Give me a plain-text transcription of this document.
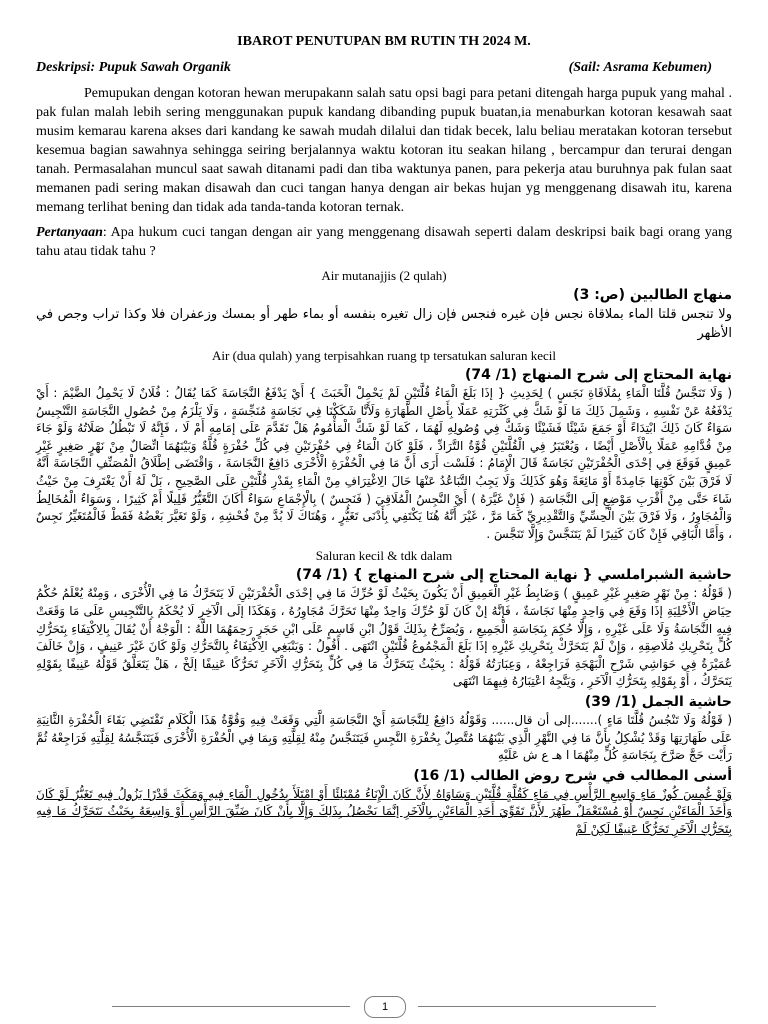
IBAROT PENUTUPAN BM RUTIN TH 2024 M.
Deskripsi: Pupuk Sawah Organik	(Sail: Asrama Kebumen)

Pemupukan dengan kotoran hewan merupakann salah satu opsi bagi para petani ditengah harga pupuk yang mahal . pak fulan malah lebih sering menggunakan pupuk kandang dibanding pupuk buatan,ia menaburkan kotoran kesawah saat musim kemarau karena akses dari kandang ke sawah mudah dilalui dan tidak becek, lalu beliau meratakan kotoran tersebut kesemua bagian sawahnya sehingga seiring berjalannya waktu kotoran itu seakan hilang , bercampur dan terurai dengan tanah. Permasalahan muncul saat sawah ditanami padi dan tiba waktunya panen, para pekerja atau buruhnya pak fulan saat memanen padi sering makan disawah dan cuci tangan hanya dengan air bekas hujan yg menggenang disawah itu, karena memang terlihat bening dan tidak ada tanda-tanda kotoran ternak.

Pertanyaan: Apa hukum cuci tangan dengan air yang menggenang disawah seperti dalam deskripsi baik bagi orang yang tahu atau tidak tahu ?

Air mutanajjis (2 qulah)
منهاج الطالبين (ص: 3)
ولا تنجس قلتا الماء بملاقاة نجس فإن غيره فنجس فإن زال تغيره بنفسه أو بماء طهر أو بمسك وزعفران فلا وكذا تراب وجص في الأظهر
Air (dua qulah) yang terpisahkan ruang tp tersatukan saluran kecil
نهاية المحتاج إلى شرح المنهاج (1/ 74)
( وَلَا تَنَجَّسُ قُلَّتَا الْمَاءِ بِمُلَاقَاةِ نَجَسٍ ) لِحَدِيثِ { إذَا بَلَغَ الْمَاءُ قُلَّتَيْنِ لَمْ يَحْمِلْ الْخَبَثَ } أَيْ يَدْفَعُ النَّجَاسَةَ كَمَا يُقَالُ : فُلَانٌ لَا يَحْمِلُ الضَّيْمَ : أَيْ يَدْفَعُهُ عَنْ نَفْسِهِ ، وَشَمِلَ ذَلِكَ مَا لَوْ شَكَّ فِي كَثْرَتِهِ عَمَلًا بِأَصْلِ الطَّهَارَةِ وَلَأَنَّا شَكَكْنَا فِي نَجَاسَةٍ مُنَجِّسَةٍ ، وَلَا يَلْزَمُ مِنْ حُصُولِ النَّجَاسَةِ التَّنْجِيسُ سَوَاءٌ كَانَ ذَلِكَ ابْتِدَاءً أَوْ جَمَعَ شَيْئًا فَشَيْئًا وَشَكَّ فِي وُصُولِهِ لَهُمَا ، كَمَا لَوْ شَكَّ الْمَأْمُومُ هَلْ تَقَدَّمَ عَلَى إمَامِهِ أَمْ لَا ، فَإِنَّهُ لَا تَبْطُلُ صَلَاتُهُ وَلَوْ جَاءَ مِنْ قُدَّامِهِ عَمَلًا بِالْأَصْلِ أَيْضًا ، وَيُعْتَبَرُ فِي الْقُلَّتَيْنِ قُوَّةُ التَّرَادِّ ، فَلَوْ كَانَ الْمَاءُ فِي حُفْرَتَيْنِ فِي كُلِّ حُفْرَةٍ قُلَّةٌ وَبَيْنَهُمَا اتِّصَالٌ مِنْ نَهْرٍ صَغِيرٍ غَيْرِ عَمِيقٍ فَوَقَعَ فِي إحْدَى الْحُفْرَتَيْنِ نَجَاسَةٌ قَالَ الْإِمَامُ : فَلَسْت أَرَى أَنَّ مَا فِي الْحُفْرَةِ الْأُخْرَى دَافِعٌ النَّجَاسَةَ ، وَاقْتَضَى إطْلَاقُ الْمُصَنِّفِ النَّجَاسَةَ أَنَّهُ لَا فَرْقَ بَيْنَ كَوْنِهَا جَامِدَةً أَوْ مَائِعَةً وَهُوَ كَذَلِكَ وَلَا يَجِبُ التَّبَاعُدُ عَنْهَا حَالَ الِاغْتِرَافِ مِنْ الْمَاءِ بِقَدْرِ قُلَّتَيْنِ عَلَى الصَّحِيحِ ، بَلْ لَهُ أَنْ يَغْتَرِفَ مِنْ حَيْثُ شَاءَ حَتَّى مِنْ أَقْرَبِ مَوْضِعٍ إلَى النَّجَاسَةِ ( فَإِنْ غَيَّرَهُ ) أَيْ النَّجِسُ الْمُلَاقِيَ ( فَنَجِسٌ ) بِالْإِجْمَاعِ سَوَاءٌ أَكَانَ التَّغَيُّرُ قَلِيلًا أَمْ كَثِيرًا ، وَسَوَاءٌ الْمُخَالِطُ وَالْمُجَاوِرُ ، وَلَا فَرْقَ بَيْنَ الْحِسِّيِّ وَالتَّقْدِيرِيِّ كَمَا مَرَّ ، غَيْرَ أَنَّهُ هُنَا يَكْتَفِي بِأَدْنَى تَغَيُّرٍ ، وَهُنَاكَ لَا بُدَّ مِنْ فُحْشِهِ ، وَلَوْ تَغَيَّرَ بَعْضُهُ فَقَطْ فَالْمُتَغَيِّرُ نَجِسٌ ، وَأَمَّا الْبَاقِي فَإِنْ كَانَ كَثِيرًا لَمْ يَتَنَجَّسْ وَإِلَّا تَنَجَّسَ .
Saluran kecil & tdk dalam
حاشية الشبراملسي { نهاية المحتاج إلى شرح المنهاج } (1/ 74)
( قَوْلُهُ : مِنْ نَهْرٍ صَغِيرٍ غَيْرِ عَمِيقٍ ) وَضَابِطُ غَيْرِ الْعَمِيقِ أَنْ يَكُونَ بِحَيْثُ لَوْ حُرِّكَ مَا فِي إحْدَى الْحُفْرَتَيْنِ لَا يَتَحَرَّكُ مَا فِي الْأُخْرَى ، وَمِنْهُ يُعْلَمُ حُكْمُ حِيَاضِ الْأَخْلِيَةِ إذَا وَقَعَ فِي وَاحِدٍ مِنْهَا نَجَاسَةٌ ، فَإِنَّهُ إنْ كَانَ لَوْ حُرِّكَ وَاحِدٌ مِنْهَا تَحَرَّكَ مُجَاوِرُهُ ، وَهَكَذَا إلَى الْآخِرِ لَا يُحْكَمُ بِالتَّنْجِيسِ عَلَى مَا وَقَعَتْ فِيهِ النَّجَاسَةُ وَلَا عَلَى غَيْرِهِ ، وَإِلَّا حُكِمَ بِنَجَاسَةِ الْجَمِيعِ ، وَيُصَرِّحُ بِذَلِكَ قَوْلُ ابْنِ قَاسِمٍ عَلَى ابْنِ حَجَرٍ رَحِمَهُمَا اللَّهُ : الْوَجْهُ أَنْ يُقَالَ بِالِاكْتِفَاءِ بِتَحَرُّكِ كُلٍّ بِتَحْرِيكِ مُلَاصِقِهِ ، وَإِنْ لَمْ يَتَحَرَّكْ بِتَحْرِيكِ غَيْرِهِ إذَا بَلَغَ الْمَجْمُوعُ قُلَّتَيْنِ انْتَهَى . أَقُولُ : وَيَنْبَغِي الِاكْتِفَاءُ بِالتَّحَرُّكِ وَلَوْ كَانَ غَيْرَ عَنِيفٍ ، وَإِنْ خَالَفَ عُمَيْرَةُ فِي حَوَاشِي شَرْحِ الْبَهْجَةِ فَرَاجِعْهُ ، وَعِبَارَتُهُ قَوْلُهُ : بِحَيْثُ يَتَحَرَّكُ مَا فِي كُلٍّ بِتَحَرُّكِ الْآخَرِ تَحَرُّكًا عَنِيفًا إلَخْ ، هَلْ يَتَعَلَّقُ قَوْلُهُ عَنِيفًا بِقَوْلِهِ يَتَحَرَّكُ ، أَوْ بِقَوْلِهِ بِتَحَرُّكِ الْآخَرِ ، وَيَتَّجِهُ اعْتِبَارُهُ فِيهِمَا انْتَهَى
حاشية الجمل (1/ 39)
( قَوْلُهُ وَلَا تَنْجُسُ قُلَّتَا مَاءٍ ).......إلى أن قال...... وَقَوْلُهُ دَافِعٌ لِلنَّجَاسَةِ أَيْ النَّجَاسَةِ الَّتِي وَقَعَتْ فِيهِ وَقُوَّةُ هَذَا الْكَلَامِ تَقْتَضِي بَقَاءَ الْحُفْرَةِ الثَّانِيَةِ عَلَى طَهَارَتِهَا وَقَدْ يُشْكِلُ بِأَنَّ مَا فِي النَّهْرِ الَّذِي بَيْنَهُمَا مُتَّصِلٌ بِحُفْرَةِ النَّجِسِ فَيَتَنَجَّسُ مِنْهُ لِقِلَّتِهِ وَبِمَا فِي الْحُفْرَةِ الْأُخْرَى فَيَتَنَجَّسُهُ لِقِلَّتِهِ فَرَاجِعْهُ ثُمَّ رَأَيْت حَجَّ صَرَّحَ بِنَجَاسَةِ كُلٍّ مِنْهُمَا ا هـ ع ش عَلَيْهِ
أسنى المطالب في شرح روض الطالب (1/ 16)
وَلَوْ غُمِسَ كُوزٌ مَاءٍ وَاسِعِ الرَّأْسِ فِي مَاءٍ كَقُلَّةٍ قُلَّتَيْنِ وَسَاوَاهُ لِأَنَّ كَانَ الْإِنَاءُ مُمْتَلِئًا أَوْ امْتَلَأَ بِدُخُولِ الْمَاءِ فِيهِ وَمَكَثَ قَدْرًا يَزُولُ فِيهِ تَغَيُّرٌ لَوْ كَانَ وَأَخَذَ الْمَاءَيْنِ نَجِسٌ أَوْ مُسْتَعْمَلٌ طَهُرَ لِأَنَّ تَقَوِّيَ أَحَدِ الْمَاءَيْنِ بِالْآخَرِ إنَّمَا يَحْصُلُ بِذَلِكَ وَإِلَّا بِأَنْ كَانَ ضَيِّقَ الرَّأْسِ أَوْ وَاسِعَهُ بِحَيْثُ يَتَحَرَّكُ مَا فِيهِ بِتَحَرُّكِ الْآخَرِ تَحَرُّكًا عَنِيفًا لَكِنْ لَمْ
1
